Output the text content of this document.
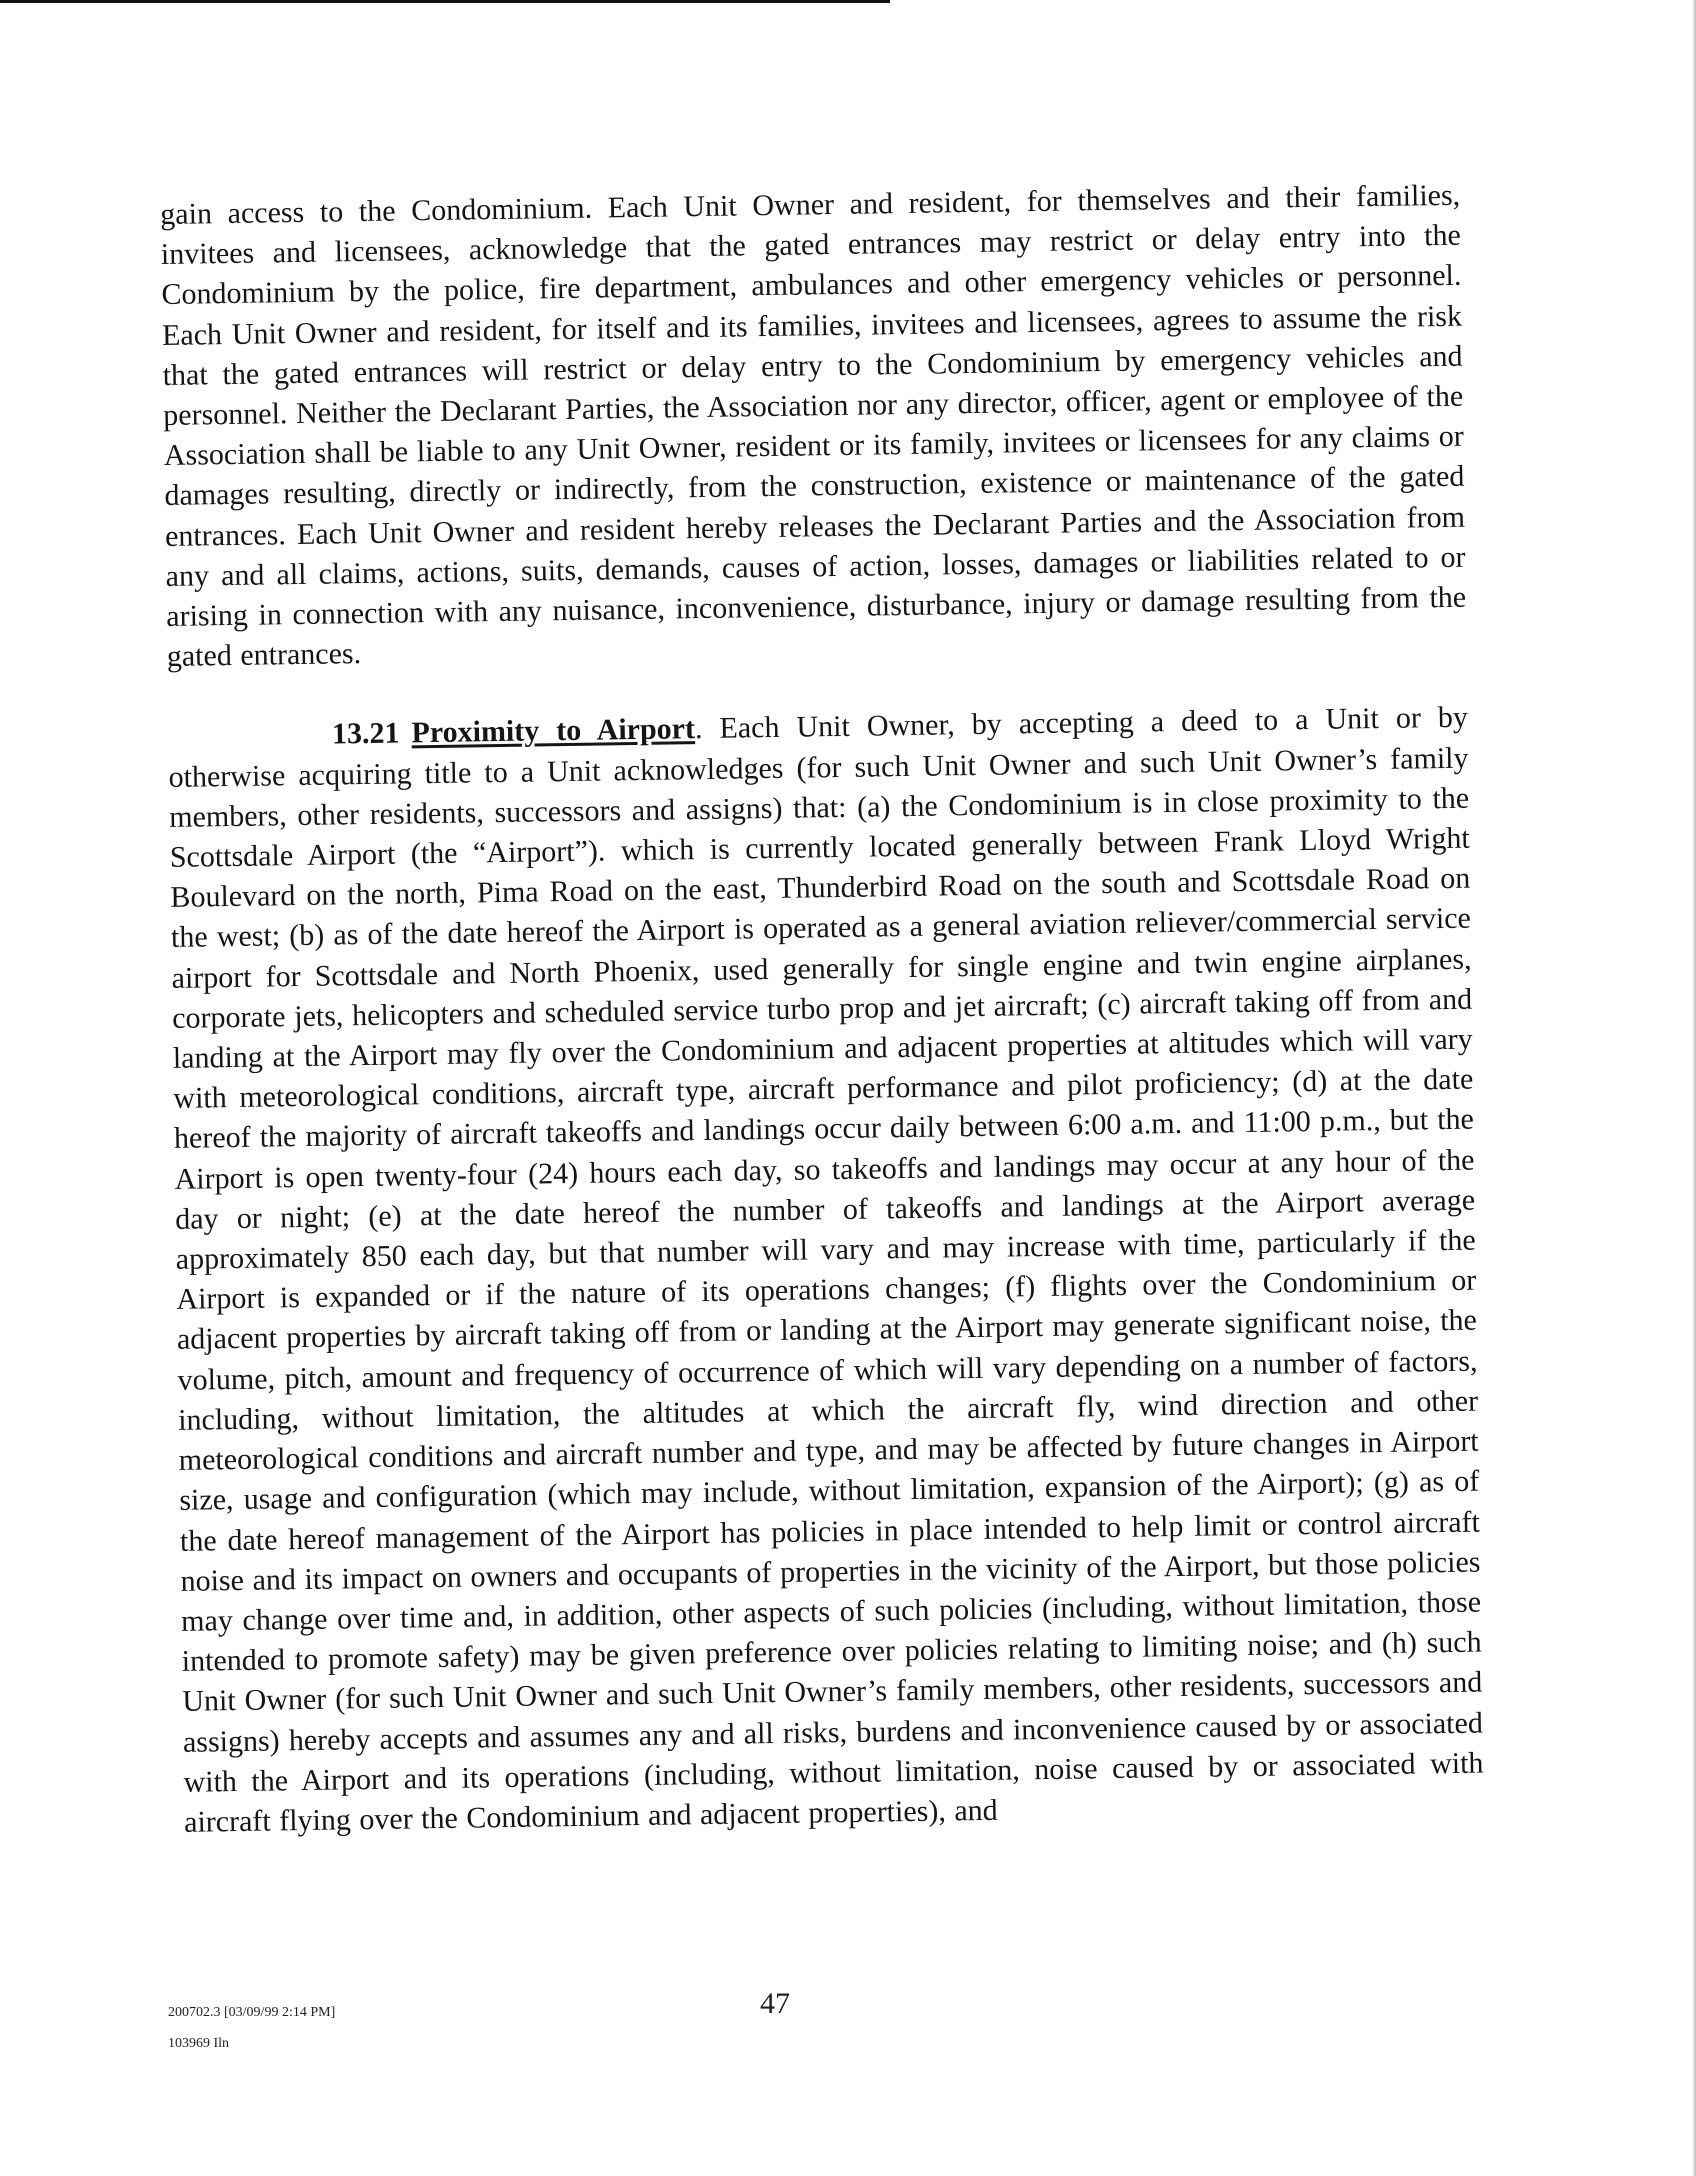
gain access to the Condominium. Each Unit Owner and resident, for themselves and their families, invitees and licensees, acknowledge that the gated entrances may restrict or delay entry into the Condominium by the police, fire department, ambulances and other emergency vehicles or personnel. Each Unit Owner and resident, for itself and its families, invitees and licensees, agrees to assume the risk that the gated entrances will restrict or delay entry to the Condominium by emergency vehicles and personnel. Neither the Declarant Parties, the Association nor any director, officer, agent or employee of the Association shall be liable to any Unit Owner, resident or its family, invitees or licensees for any claims or damages resulting, directly or indirectly, from the construction, existence or maintenance of the gated entrances. Each Unit Owner and resident hereby releases the Declarant Parties and the Association from any and all claims, actions, suits, demands, causes of action, losses, damages or liabilities related to or arising in connection with any nuisance, inconvenience, disturbance, injury or damage resulting from the gated entrances.

13.21 Proximity to Airport. Each Unit Owner, by accepting a deed to a Unit or by otherwise acquiring title to a Unit acknowledges (for such Unit Owner and such Unit Owner’s family members, other residents, successors and assigns) that: (a) the Condominium is in close proximity to the Scottsdale Airport (the “Airport”). which is currently located generally between Frank Lloyd Wright Boulevard on the north, Pima Road on the east, Thunderbird Road on the south and Scottsdale Road on the west; (b) as of the date hereof the Airport is operated as a general aviation reliever/commercial service airport for Scottsdale and North Phoenix, used generally for single engine and twin engine airplanes, corporate jets, helicopters and scheduled service turbo prop and jet aircraft; (c) aircraft taking off from and landing at the Airport may fly over the Condominium and adjacent properties at altitudes which will vary with meteorological conditions, aircraft type, aircraft performance and pilot proficiency; (d) at the date hereof the majority of aircraft takeoffs and landings occur daily between 6:00 a.m. and 11:00 p.m., but the Airport is open twenty-four (24) hours each day, so takeoffs and landings may occur at any hour of the day or night; (e) at the date hereof the number of takeoffs and landings at the Airport average approximately 850 each day, but that number will vary and may increase with time, particularly if the Airport is expanded or if the nature of its operations changes; (f) flights over the Condominium or adjacent properties by aircraft taking off from or landing at the Airport may generate significant noise, the volume, pitch, amount and frequency of occurrence of which will vary depending on a number of factors, including, without limitation, the altitudes at which the aircraft fly, wind direction and other meteorological conditions and aircraft number and type, and may be affected by future changes in Airport size, usage and configuration (which may include, without limitation, expansion of the Airport); (g) as of the date hereof management of the Airport has policies in place intended to help limit or control aircraft noise and its impact on owners and occupants of properties in the vicinity of the Airport, but those policies may change over time and, in addition, other aspects of such policies (including, without limitation, those intended to promote safety) may be given preference over policies relating to limiting noise; and (h) such Unit Owner (for such Unit Owner and such Unit Owner’s family members, other residents, successors and assigns) hereby accepts and assumes any and all risks, burdens and inconvenience caused by or associated with the Airport and its operations (including, without limitation, noise caused by or associated with aircraft flying over the Condominium and adjacent properties), and

200702.3 [03/09/99 2:14 PM]
103969 Iln
47
